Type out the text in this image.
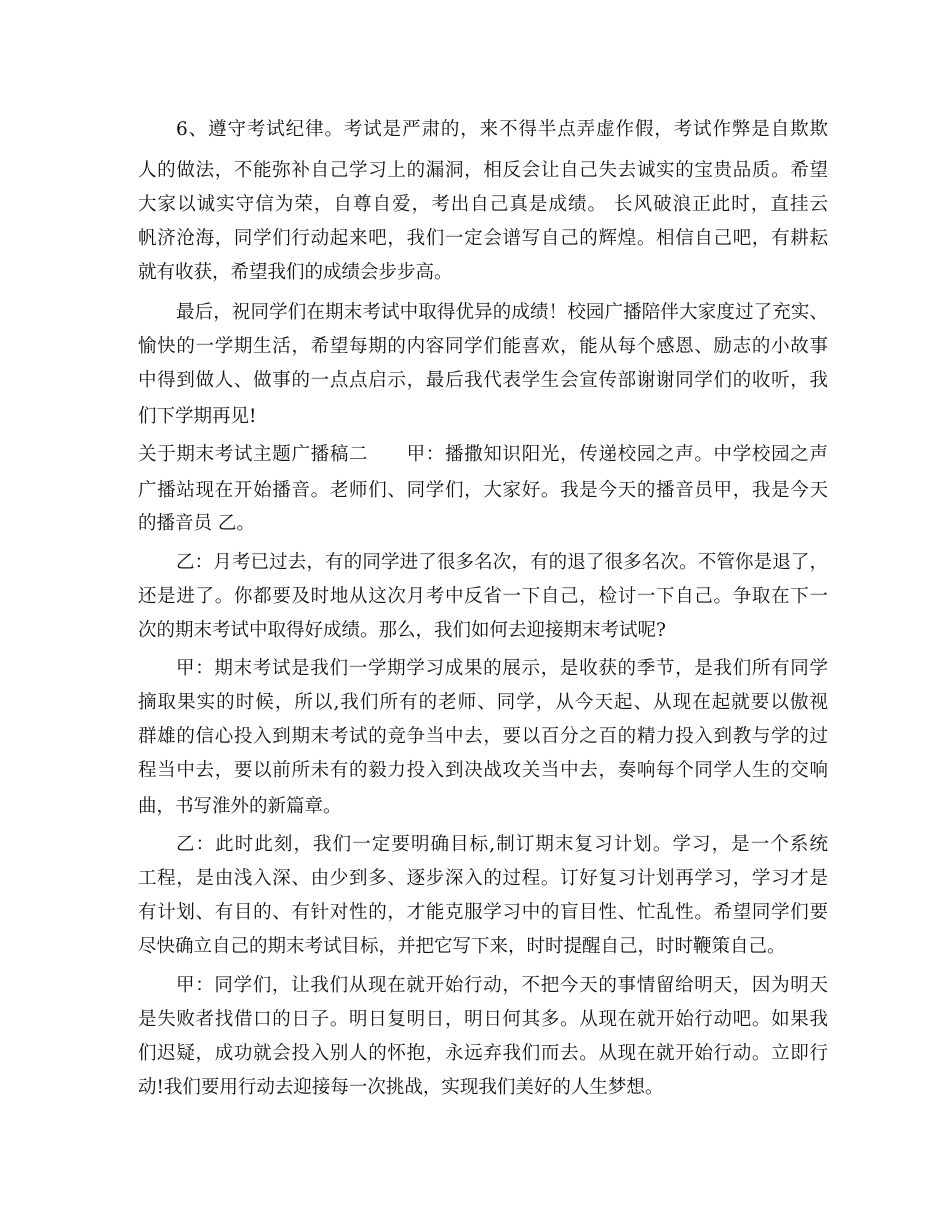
6、遵守考试纪律。考试是严肃的，来不得半点弄虚作假，考试作弊是自欺欺
人的做法，不能弥补自己学习上的漏洞，相反会让自己失去诚实的宝贵品质。希望
大家以诚实守信为荣，自尊自爱，考出自己真是成绩。 长风破浪正此时，直挂云
帆济沧海，同学们行动起来吧，我们一定会谱写自己的辉煌。相信自己吧，有耕耘
就有收获，希望我们的成绩会步步高。
最后，祝同学们在期末考试中取得优异的成绩！校园广播陪伴大家度过了充实、
愉快的一学期生活，希望每期的内容同学们能喜欢，能从每个感恩、励志的小故事
中得到做人、做事的一点点启示，最后我代表学生会宣传部谢谢同学们的收听，我
们下学期再见!
关于期末考试主题广播稿二　　甲：播撒知识阳光，传递校园之声。中学校园之声
广播站现在开始播音。老师们、同学们，大家好。我是今天的播音员甲，我是今天
的播音员 乙。
乙：月考已过去，有的同学进了很多名次，有的退了很多名次。不管你是退了，
还是进了。你都要及时地从这次月考中反省一下自己，检讨一下自己。争取在下一
次的期末考试中取得好成绩。那么，我们如何去迎接期末考试呢?
甲：期末考试是我们一学期学习成果的展示，是收获的季节，是我们所有同学
摘取果实的时候，所以,我们所有的老师、同学，从今天起、从现在起就要以傲视
群雄的信心投入到期末考试的竞争当中去，要以百分之百的精力投入到教与学的过
程当中去，要以前所未有的毅力投入到决战攻关当中去，奏响每个同学人生的交响
曲，书写淮外的新篇章。
乙：此时此刻，我们一定要明确目标,制订期末复习计划。学习，是一个系统
工程，是由浅入深、由少到多、逐步深入的过程。订好复习计划再学习，学习才是
有计划、有目的、有针对性的，才能克服学习中的盲目性、忙乱性。希望同学们要
尽快确立自己的期末考试目标，并把它写下来，时时提醒自己，时时鞭策自己。
甲：同学们，让我们从现在就开始行动，不把今天的事情留给明天，因为明天
是失败者找借口的日子。明日复明日，明日何其多。从现在就开始行动吧。如果我
们迟疑，成功就会投入别人的怀抱，永远弃我们而去。从现在就开始行动。立即行
动!我们要用行动去迎接每一次挑战，实现我们美好的人生梦想。
